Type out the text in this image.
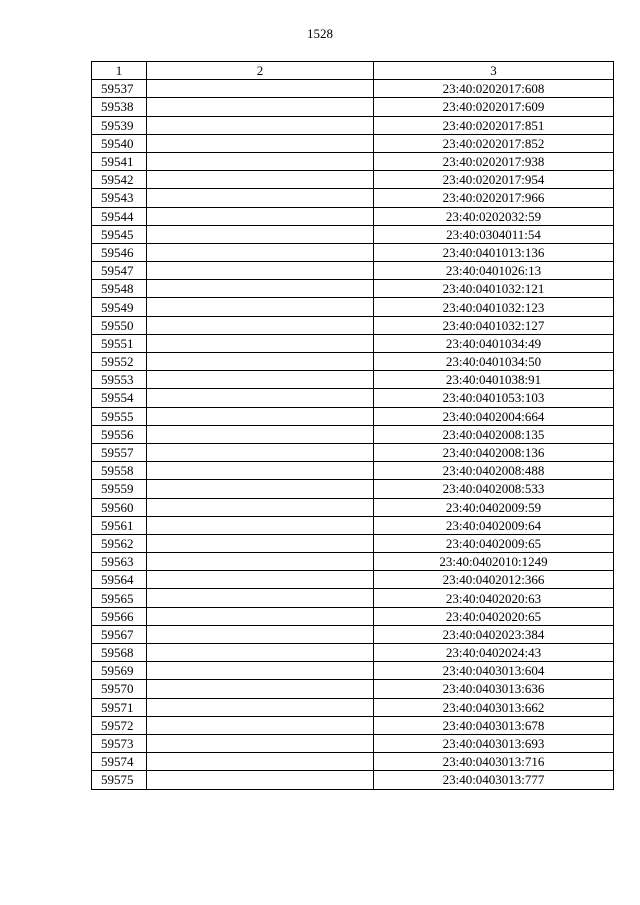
1528
1	2	3
59537		23:40:0202017:608
59538		23:40:0202017:609
59539		23:40:0202017:851
59540		23:40:0202017:852
59541		23:40:0202017:938
59542		23:40:0202017:954
59543		23:40:0202017:966
59544		23:40:0202032:59
59545		23:40:0304011:54
59546		23:40:0401013:136
59547		23:40:0401026:13
59548		23:40:0401032:121
59549		23:40:0401032:123
59550		23:40:0401032:127
59551		23:40:0401034:49
59552		23:40:0401034:50
59553		23:40:0401038:91
59554		23:40:0401053:103
59555		23:40:0402004:664
59556		23:40:0402008:135
59557		23:40:0402008:136
59558		23:40:0402008:488
59559		23:40:0402008:533
59560		23:40:0402009:59
59561		23:40:0402009:64
59562		23:40:0402009:65
59563		23:40:0402010:1249
59564		23:40:0402012:366
59565		23:40:0402020:63
59566		23:40:0402020:65
59567		23:40:0402023:384
59568		23:40:0402024:43
59569		23:40:0403013:604
59570		23:40:0403013:636
59571		23:40:0403013:662
59572		23:40:0403013:678
59573		23:40:0403013:693
59574		23:40:0403013:716
59575		23:40:0403013:777
